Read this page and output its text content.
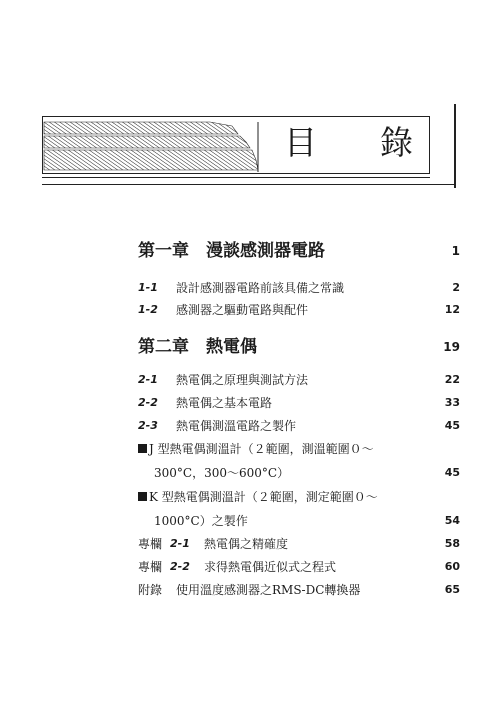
目 錄
第一章　漫談感測器電路	1
1-1 設計感測器電路前該具備之常識	2
1-2 感測器之驅動電路與配件	12
第二章　熱電偶	19
2-1 熱電偶之原理與測試方法	22
2-2 熱電偶之基本電路	33
2-3 熱電偶測溫電路之製作	45
J 型熱電偶測溫計（２範圍，測溫範圍０～
300°C，300～600°C）	45
K 型熱電偶測溫計（２範圍，測定範圍０～
1000°C）之製作	54
專欄 2-1 熱電偶之精確度	58
專欄 2-2 求得熱電偶近似式之程式	60
附錄 使用溫度感測器之RMS‐DC轉換器	65
